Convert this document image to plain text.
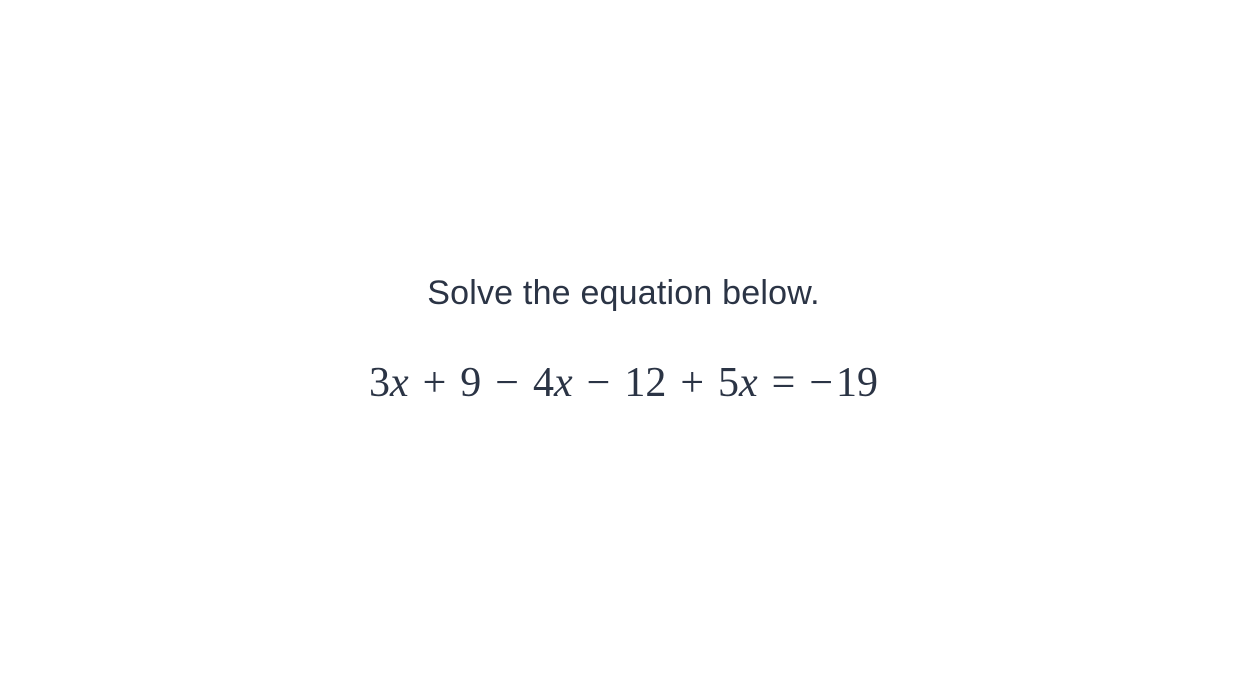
Solve the equation below.

3x + 9 − 4x − 12 + 5x = −19
